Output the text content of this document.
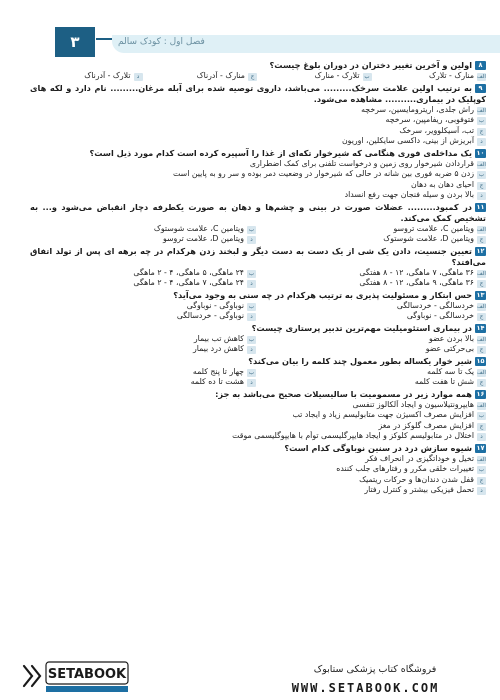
فصل اول : کودک سالم
۳
۸اولین و آخرین تغییر دختران در دوران بلوغ چیست؟
الفمنارک - تلارک
بتلارک - منارک
جمنارک - آدرناک
دتلارک - آدرناک
۹به ترتیب اولین علامت سرخک......... می‌باشد، داروی توصیه شده برای آبله مرغان......... نام دارد و لکه های کوپلیک در بیماری.......... مشاهده می‌شود.
الفراش جلدی، اریترومایسین، سرخچه
بفتوفوبی، ریفامپین، سرخچه
جتب، آسیکلوویر، سرخک
دآبریزش از بینی، داکسی سایکلین، اوریون
۱۰یک مداخله‌ی فوری هنگامی که شیرخوار تکه‌ای از غذا را آسپیره کرده است کدام مورد ذیل است؟
الفقراردادن شیرخوار روی زمین و درخواست تلفنی برای کمک اضطراری
بزدن ۵ ضربه فوری بین شانه در حالی که شیرخوار در وضعیت دمر بوده و سر رو به پایین است
جاحیای دهان به دهان
دبالا بردن و سیله فنجان جهت رفع انسداد
۱۱در کمبود......... عضلات صورت در بینی و چشم‌ها و دهان به صورت یکطرفه دچار انقباض می‌شود و... به تشخیص کمک می‌کند.
الفویتامین C، علامت تروسو
بویتامین C، علامت شوستوک
جویتامین D، علامت شوستوک
دویتامین D، علامت تروسو
۱۲تعیین جنسیت، دادن یک شی از یک دست به دست دیگر و لبخند زدن هرکدام در چه برهه ای پس از تولد اتفاق می‌افتد؟
الف۳۶ ماهگی، ۷ ماهگی، ۱۲ - ۸ هفتگی
ب۲۴ ماهگی، ۵ ماهگی، ۴ - ۲ ماهگی
ج۳۶ ماهگی، ۹ ماهگی، ۱۲ - ۸ هفتگی
د۲۴ ماهگی، ۷ ماهگی، ۴ - ۲ ماهگی
۱۳حس ابتکار و مسئولیت پذیری به ترتیب هرکدام در چه سنی به وجود می‌آید؟
الفخردسالگی - خردسالگی
بنوباوگی - نوباوگی
جخردسالگی - نوباوگی
دنوباوگی - خردسالگی
۱۴در بیماری استئومیلیت مهم‌ترین تدبیر پرستاری چیست؟
الفبالا بردن عضو
بکاهش تب بیمار
جبی‌حرکتی عضو
دکاهش درد بیمار
۱۵شیر خوار یکساله بطور معمول چند کلمه را بیان می‌کند؟
الفیک تا سه کلمه
بچهار تا پنج کلمه
جشش تا هفت کلمه
دهشت تا ده کلمه
۱۶همه موارد زیر در مسمومیت با سالیسیلات صحیح می‌باشد به جز:
الفهایپرونتیلاسیون و ایجاد آلکالوز تنفسی
بافزایش مصرف اکسیژن جهت متابولیسم زیاد و ایجاد تب
جافزایش مصرف گلوکز در مغز
داختلال در متابولیسم کلوکز و ایجاد هایپرگلیسمی توأم با هایپوگلیسمی موقت
۱۷شیوه سازش درد در سنین نوباوگی کدام است؟
الفتخیل و خوداتگیزی در انحراف فکر
بتغییرات خلقی مکرر و رفتارهای جلب کننده
جقفل شدن دندان‌ها و حرکات ریتمیک
دتحمل فیزیکی بیشتر و کنترل رفتار
SETABOOK	فروشگاه کتاب پزشکی ستابوک
WWW.SETABOOK.COM
